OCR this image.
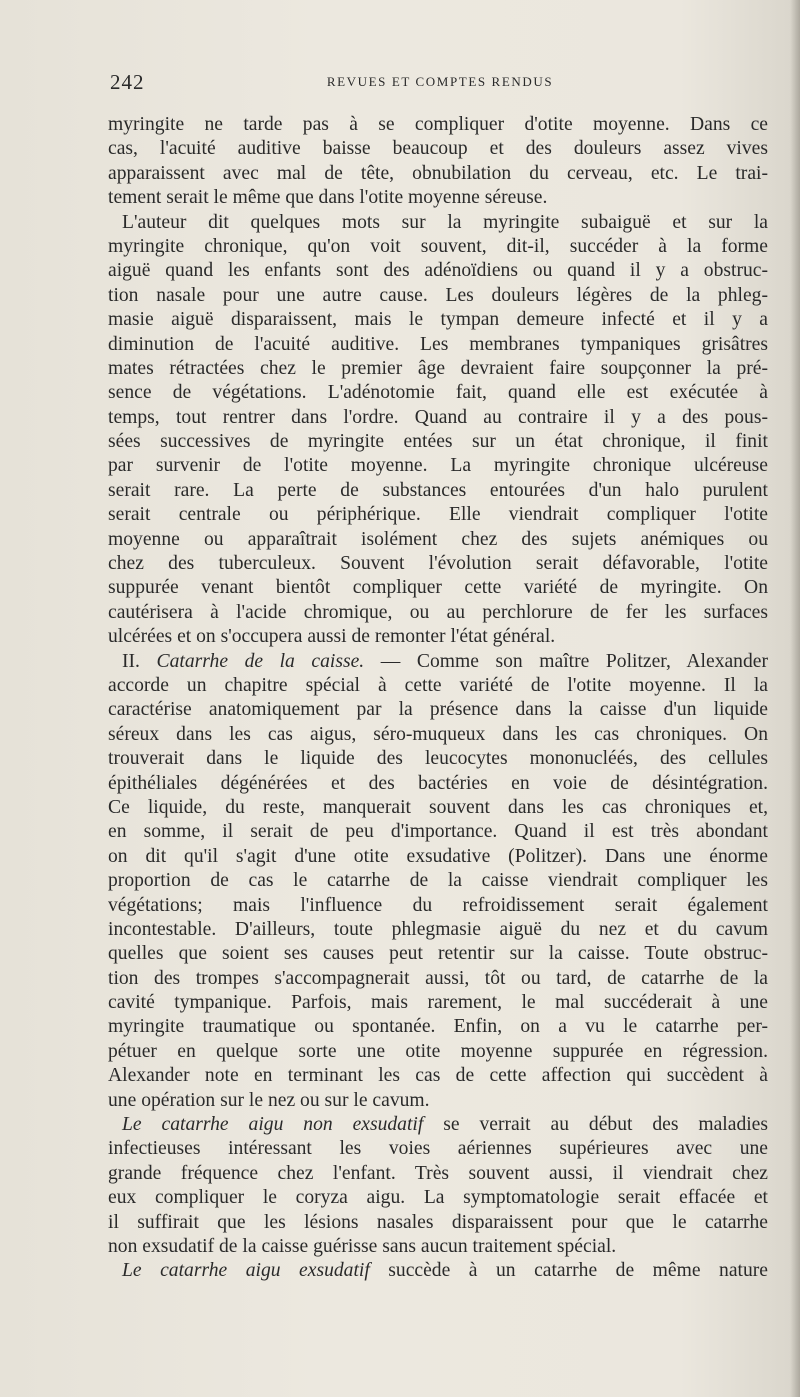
242	REVUES ET COMPTES RENDUS
myringite ne tarde pas à se compliquer d'otite moyenne. Dans ce
cas, l'acuité auditive baisse beaucoup et des douleurs assez vives
apparaissent avec mal de tête, obnubilation du cerveau, etc. Le trai-
tement serait le même que dans l'otite moyenne séreuse.
L'auteur dit quelques mots sur la myringite subaiguë et sur la
myringite chronique, qu'on voit souvent, dit-il, succéder à la forme
aiguë quand les enfants sont des adénoïdiens ou quand il y a obstruc-
tion nasale pour une autre cause. Les douleurs légères de la phleg-
masie aiguë disparaissent, mais le tympan demeure infecté et il y a
diminution de l'acuité auditive. Les membranes tympaniques grisâtres
mates rétractées chez le premier âge devraient faire soupçonner la pré-
sence de végétations. L'adénotomie fait, quand elle est exécutée à
temps, tout rentrer dans l'ordre. Quand au contraire il y a des pous-
sées successives de myringite entées sur un état chronique, il finit
par survenir de l'otite moyenne. La myringite chronique ulcéreuse
serait rare. La perte de substances entourées d'un halo purulent
serait centrale ou périphérique. Elle viendrait compliquer l'otite
moyenne ou apparaîtrait isolément chez des sujets anémiques ou
chez des tuberculeux. Souvent l'évolution serait défavorable, l'otite
suppurée venant bientôt compliquer cette variété de myringite. On
cautérisera à l'acide chromique, ou au perchlorure de fer les surfaces
ulcérées et on s'occupera aussi de remonter l'état général.
II. Catarrhe de la caisse. — Comme son maître Politzer, Alexander
accorde un chapitre spécial à cette variété de l'otite moyenne. Il la
caractérise anatomiquement par la présence dans la caisse d'un liquide
séreux dans les cas aigus, séro-muqueux dans les cas chroniques. On
trouverait dans le liquide des leucocytes mononucléés, des cellules
épithéliales dégénérées et des bactéries en voie de désintégration.
Ce liquide, du reste, manquerait souvent dans les cas chroniques et,
en somme, il serait de peu d'importance. Quand il est très abondant
on dit qu'il s'agit d'une otite exsudative (Politzer). Dans une énorme
proportion de cas le catarrhe de la caisse viendrait compliquer les
végétations; mais l'influence du refroidissement serait également
incontestable. D'ailleurs, toute phlegmasie aiguë du nez et du cavum
quelles que soient ses causes peut retentir sur la caisse. Toute obstruc-
tion des trompes s'accompagnerait aussi, tôt ou tard, de catarrhe de la
cavité tympanique. Parfois, mais rarement, le mal succéderait à une
myringite traumatique ou spontanée. Enfin, on a vu le catarrhe per-
pétuer en quelque sorte une otite moyenne suppurée en régression.
Alexander note en terminant les cas de cette affection qui succèdent à
une opération sur le nez ou sur le cavum.
Le catarrhe aigu non exsudatif se verrait au début des maladies
infectieuses intéressant les voies aériennes supérieures avec une
grande fréquence chez l'enfant. Très souvent aussi, il viendrait chez
eux compliquer le coryza aigu. La symptomatologie serait effacée et
il suffirait que les lésions nasales disparaissent pour que le catarrhe
non exsudatif de la caisse guérisse sans aucun traitement spécial.
Le catarrhe aigu exsudatif succède à un catarrhe de même nature
